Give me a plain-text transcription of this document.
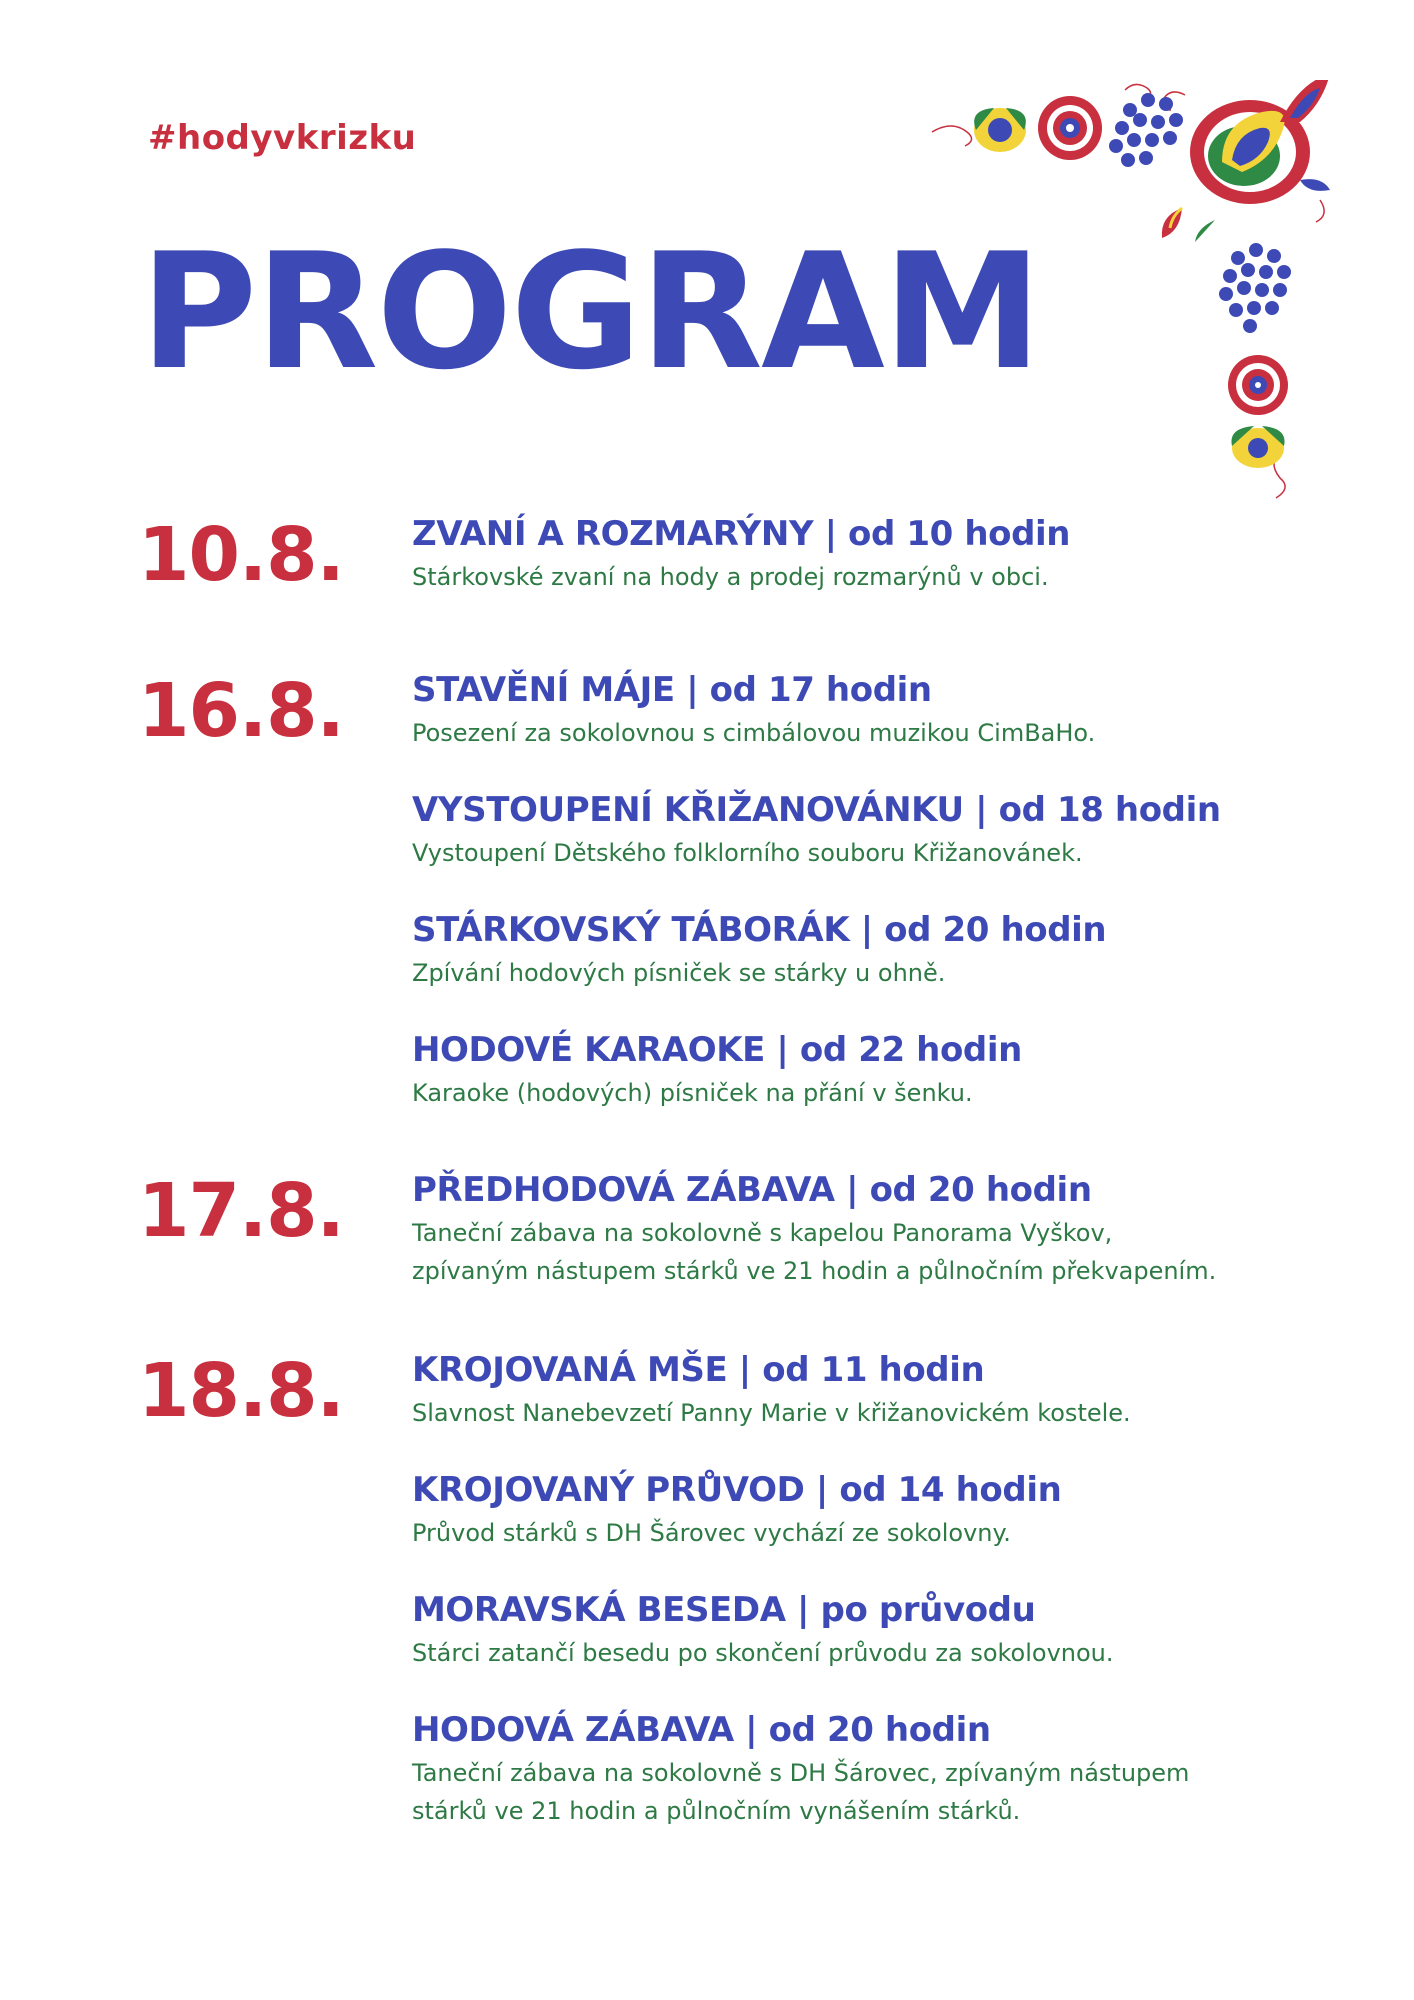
#hodyvkrizku
PROGRAM
10.8. ZVANÍ A ROZMARÝNY | od 10 hodin
Stárkovské zvaní na hody a prodej rozmarýnů v obci.
16.8. STAVĚNÍ MÁJE | od 17 hodin
Posezení za sokolovnou s cimbálovou muzikou CimBaHo.
VYSTOUPENÍ KŘIŽANOVÁNKU | od 18 hodin
Vystoupení Dětského folklorního souboru Křižanovánek.
STÁRKOVSKÝ TÁBORÁK | od 20 hodin
Zpívání hodových písniček se stárky u ohně.
HODOVÉ KARAOKE | od 22 hodin
Karaoke (hodových) písniček na přání v šenku.
17.8. PŘEDHODOVÁ ZÁBAVA | od 20 hodin
Taneční zábava na sokolovně s kapelou Panorama Vyškov,
zpívaným nástupem stárků ve 21 hodin a půlnočním překvapením.
18.8. KROJOVANÁ MŠE | od 11 hodin
Slavnost Nanebevzetí Panny Marie v křižanovickém kostele.
KROJOVANÝ PRŮVOD | od 14 hodin
Průvod stárků s DH Šárovec vychází ze sokolovny.
MORAVSKÁ BESEDA | po průvodu
Stárci zatančí besedu po skončení průvodu za sokolovnou.
HODOVÁ ZÁBAVA | od 20 hodin
Taneční zábava na sokolovně s DH Šárovec, zpívaným nástupem
stárků ve 21 hodin a půlnočním vynášením stárků.
